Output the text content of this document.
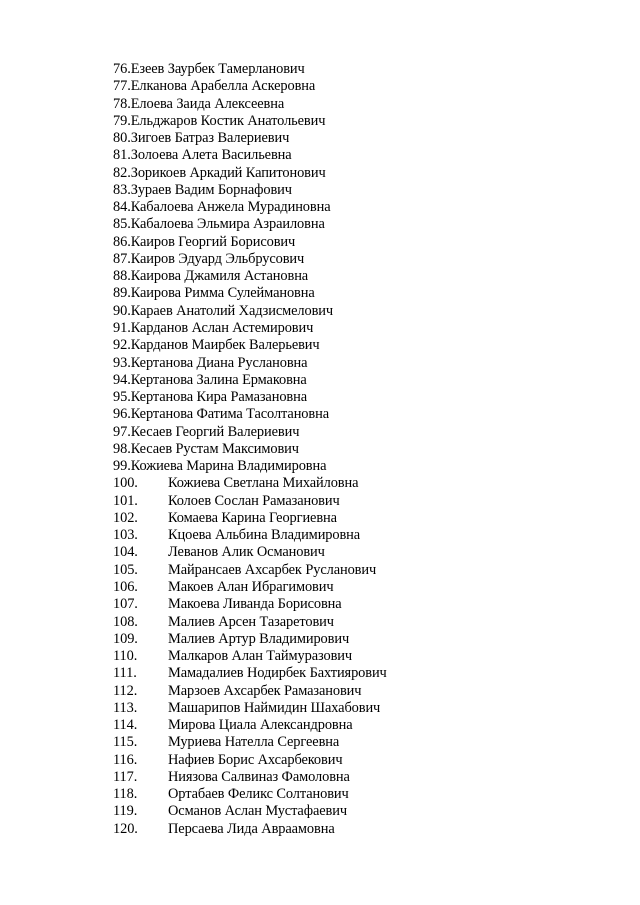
76. Езеев Заурбек Тамерланович
77. Елканова Арабелла Аскеровна
78. Елоева Заида Алексеевна
79. Ельджаров Костик Анатольевич
80. Зигоев Батраз Валериевич
81. Золоева Алета Васильевна
82. Зорикоев Аркадий Капитонович
83. Зураев Вадим Борнафович
84. Кабалоева Анжела Мурадиновна
85. Кабалоева Эльмира Азраиловна
86. Каиров Георгий Борисович
87. Каиров Эдуард Эльбрусович
88. Каирова Джамиля Астановна
89. Каирова Римма Сулеймановна
90. Караев Анатолий Хадзисмелович
91. Карданов Аслан Астемирович
92. Карданов Маирбек Валерьевич
93. Кертанова Диана Руслановна
94. Кертанова Залина Ермаковна
95. Кертанова Кира Рамазановна
96. Кертанова Фатима Тасолтановна
97. Кесаев Георгий Валериевич
98. Кесаев Рустам Максимович
99. Кожиева Марина Владимировна
100.	Кожиева Светлана Михайловна
101.	Колоев Сослан Рамазанович
102.	Комаева Карина Георгиевна
103.	Кцоева Альбина Владимировна
104.	Леванов Алик Османович
105.	Майрансаев Ахсарбек Русланович
106.	Макоев Алан Ибрагимович
107.	Макоева Ливанда Борисовна
108.	Малиев Арсен Тазаретович
109.	Малиев Артур Владимирович
110.	Малкаров Алан Таймуразович
111.	Мамадалиев Нодирбек Бахтиярович
112.	Марзоев Ахсарбек Рамазанович
113.	Машарипов Наймидин Шахабович
114.	Мирова Циала Александровна
115.	Муриева Нателла Сергеевна
116.	Нафиев Борис Ахсарбекович
117.	Ниязова Салвиназ Фамоловна
118.	Ортабаев Феликс Солтанович
119.	Османов Аслан Мустафаевич
120.	Персаева Лида Авраамовна
